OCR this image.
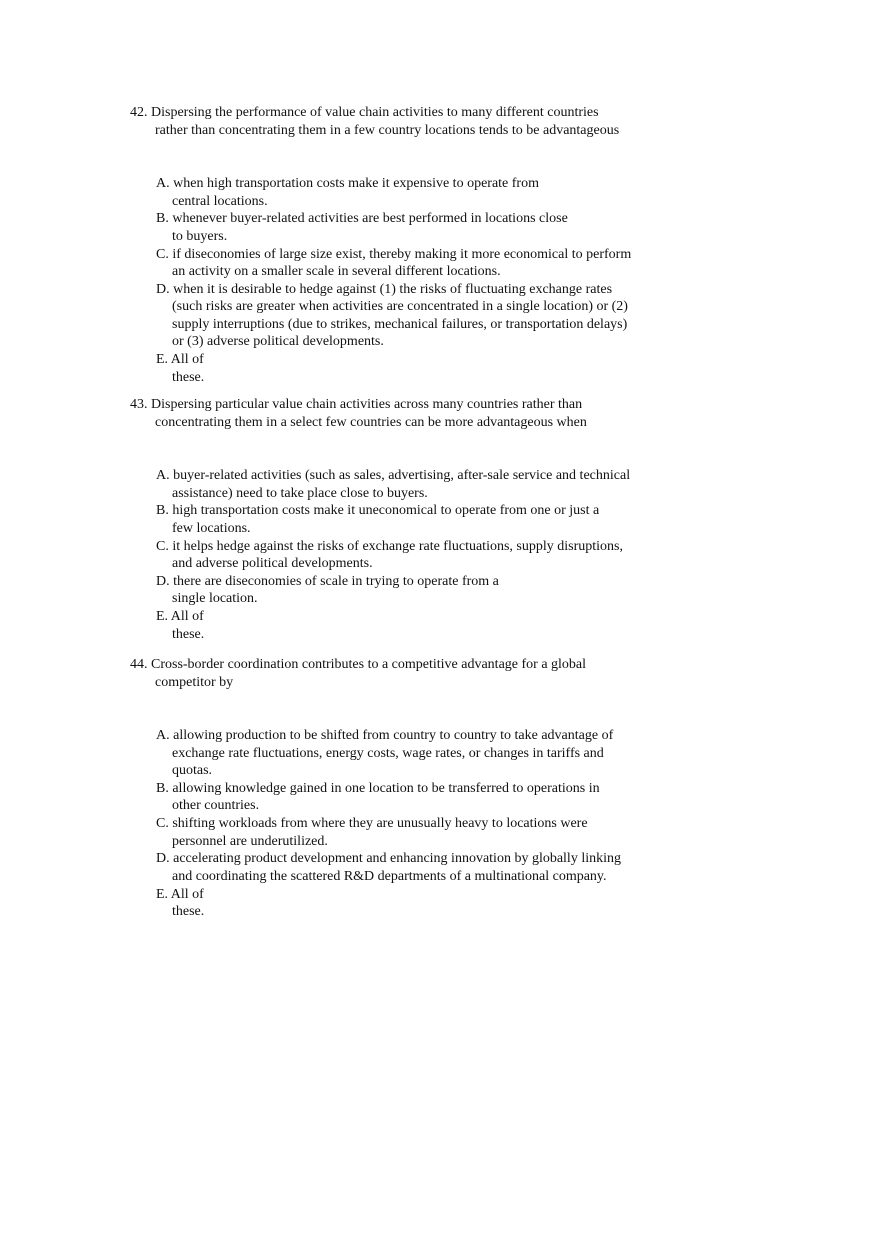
42. Dispersing the performance of value chain activities to many different countries
rather than concentrating them in a few country locations tends to be advantageous
A. when high transportation costs make it expensive to operate from
central locations.
B. whenever buyer-related activities are best performed in locations close
to buyers.
C. if diseconomies of large size exist, thereby making it more economical to perform
an activity on a smaller scale in several different locations.
D. when it is desirable to hedge against (1) the risks of fluctuating exchange rates
(such risks are greater when activities are concentrated in a single location) or (2)
supply interruptions (due to strikes, mechanical failures, or transportation delays)
or (3) adverse political developments.
E. All of
these.
43. Dispersing particular value chain activities across many countries rather than
concentrating them in a select few countries can be more advantageous when
A. buyer-related activities (such as sales, advertising, after-sale service and technical
assistance) need to take place close to buyers.
B. high transportation costs make it uneconomical to operate from one or just a
few locations.
C. it helps hedge against the risks of exchange rate fluctuations, supply disruptions,
and adverse political developments.
D. there are diseconomies of scale in trying to operate from a
single location.
E. All of
these.
44. Cross-border coordination contributes to a competitive advantage for a global
competitor by
A. allowing production to be shifted from country to country to take advantage of
exchange rate fluctuations, energy costs, wage rates, or changes in tariffs and
quotas.
B. allowing knowledge gained in one location to be transferred to operations in
other countries.
C. shifting workloads from where they are unusually heavy to locations were
personnel are underutilized.
D. accelerating product development and enhancing innovation by globally linking
and coordinating the scattered R&D departments of a multinational company.
E. All of
these.
